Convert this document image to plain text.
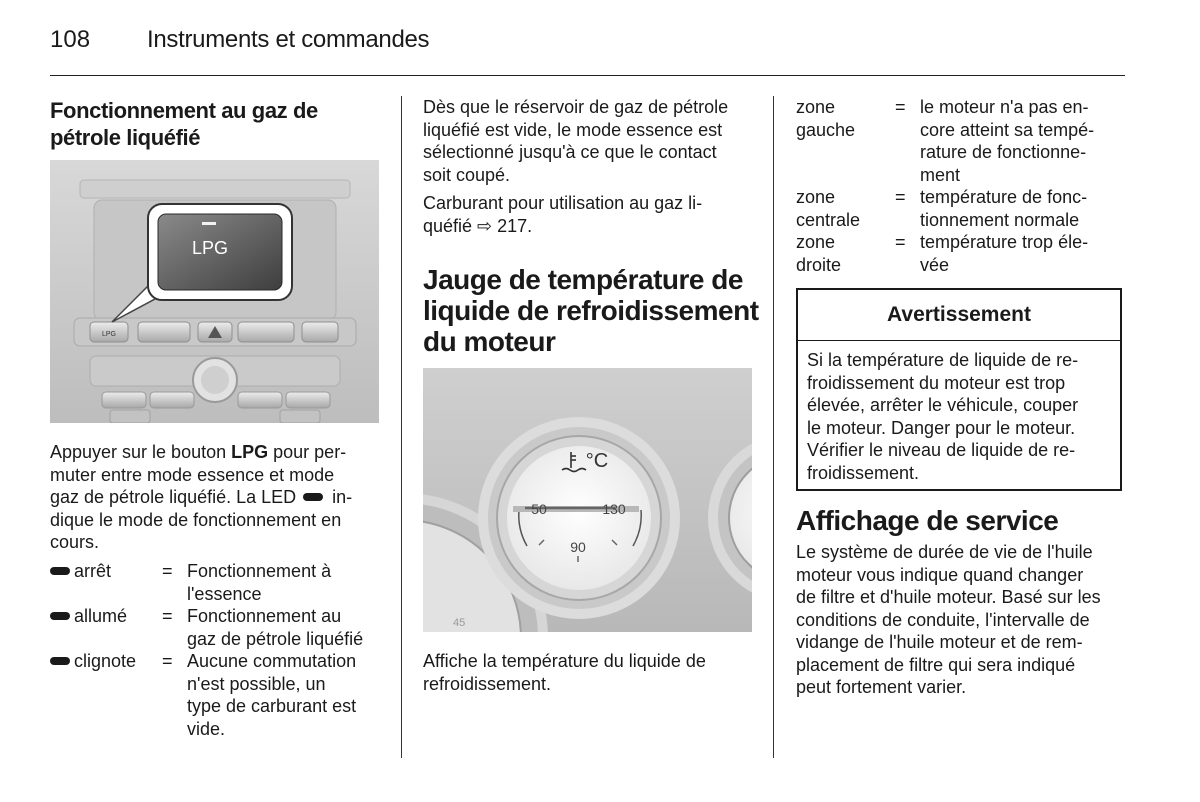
108 Instruments et commandes
Fonctionnement au gaz de
pétrole liquéfié
LPG
LPG
Appuyer sur le bouton LPG pour per-
muter entre mode essence et mode
gaz de pétrole liquéfié. La LED  in-
dique le mode de fonctionnement en
cours.
arrêt	= Fonctionnement à
l'essence
allumé = Fonctionnement au
gaz de pétrole liquéfié
clignote = Aucune commutation
n'est possible, un
type de carburant est
vide.
Dès que le réservoir de gaz de pétrole
liquéfié est vide, le mode essence est
sélectionné jusqu'à ce que le contact
soit coupé.
Carburant pour utilisation au gaz li-
quéfié ⇨ 217.
Jauge de température de
liquide de refroidissement
du moteur
45
°C
50	130
90
Affiche la température du liquide de
refroidissement.
zone
gauche
= le moteur n'a pas en-
core atteint sa tempé-
rature de fonctionne-
ment
zone
centrale
= température de fonc-
tionnement normale
zone
droite
= température trop éle-
vée
Avertissement
Si la température de liquide de re-
froidissement du moteur est trop
élevée, arrêter le véhicule, couper
le moteur. Danger pour le moteur.
Vérifier le niveau de liquide de re-
froidissement.
Affichage de service
Le système de durée de vie de l'huile
moteur vous indique quand changer
de filtre et d'huile moteur. Basé sur les
conditions de conduite, l'intervalle de
vidange de l'huile moteur et de rem-
placement de filtre qui sera indiqué
peut fortement varier.
